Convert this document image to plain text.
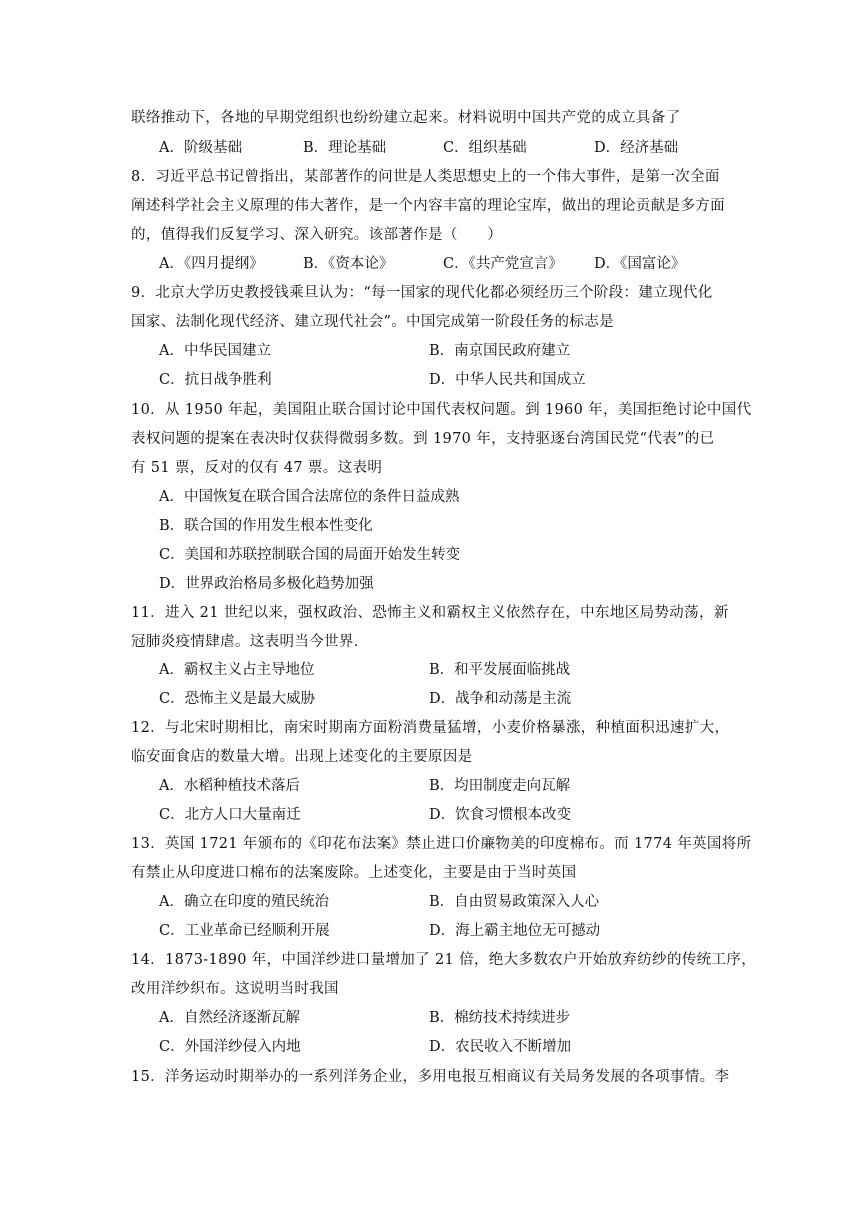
联络推动下，各地的早期党组织也纷纷建立起来。材料说明中国共产党的成立具备了
A．阶级基础	B．理论基础	C．组织基础	D．经济基础
8．习近平总书记曾指出，某部著作的问世是人类思想史上的一个伟大事件，是第一次全面
阐述科学社会主义原理的伟大著作，是一个内容丰富的理论宝库，做出的理论贡献是多方面
的，值得我们反复学习、深入研究。该部著作是（　　）
A．《四月提纲》	B．《资本论》	C．《共产党宣言》 D．《国富论》
9．北京大学历史教授钱乘旦认为：“每一国家的现代化都必须经历三个阶段：建立现代化
国家、法制化现代经济、建立现代社会”。中国完成第一阶段任务的标志是
A．中华民国建立	B．南京国民政府建立
C．抗日战争胜利	D．中华人民共和国成立
10．从 1950 年起，美国阻止联合国讨论中国代表权问题。到 1960 年，美国拒绝讨论中国代
表权问题的提案在表决时仅获得微弱多数。到 1970 年，支持驱逐台湾国民党“代表”的已
有 51 票，反对的仅有 47 票。这表明
A．中国恢复在联合国合法席位的条件日益成熟
B．联合国的作用发生根本性变化
C．美国和苏联控制联合国的局面开始发生转变
D．世界政治格局多极化趋势加强
11．进入 21 世纪以来，强权政治、恐怖主义和霸权主义依然存在，中东地区局势动荡，新
冠肺炎疫情肆虐。这表明当今世界.
A．霸权主义占主导地位	B．和平发展面临挑战
C．恐怖主义是最大威胁	D．战争和动荡是主流
12．与北宋时期相比，南宋时期南方面粉消费量猛增，小麦价格暴涨，种植面积迅速扩大，
临安面食店的数量大增。出现上述变化的主要原因是
A．水稻种植技术落后	B．均田制度走向瓦解
C．北方人口大量南迁	D．饮食习惯根本改变
13．英国 1721 年颁布的《印花布法案》禁止进口价廉物美的印度棉布。而 1774 年英国将所
有禁止从印度进口棉布的法案废除。上述变化，主要是由于当时英国
A．确立在印度的殖民统治	B．自由贸易政策深入人心
C．工业革命已经顺利开展	D．海上霸主地位无可撼动
14．1873-1890 年，中国洋纱进口量增加了 21 倍，绝大多数农户开始放弃纺纱的传统工序，
改用洋纱织布。这说明当时我国
A．自然经济逐渐瓦解	B．棉纺技术持续进步
C．外国洋纱侵入内地	D．农民收入不断增加
15．洋务运动时期举办的一系列洋务企业，多用电报互相商议有关局务发展的各项事情。李
